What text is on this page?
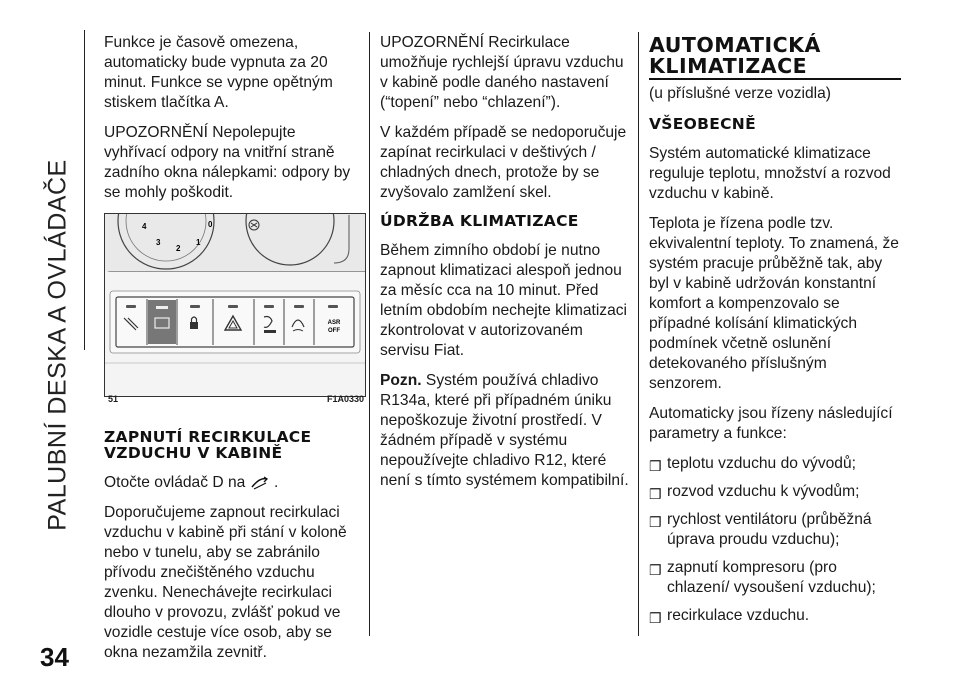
PALUBNÍ DESKA A OVLÁDAČE
34

Funkce je časově omezena, automaticky bude vypnuta za 20 minut. Funkce se vypne opětným stiskem tlačítka A.

UPOZORNĚNÍ Nepolepujte vyhřívací odpory na vnitřní straně zadního okna nálepkami: odpory by se mohly poškodit.

4
3
2
1
0
ASR
OFF
51	F1A0330
ZAPNUTÍ RECIRKULACE VZDUCHU V KABINĚ

Otočte ovládač D na .

Doporučujeme zapnout recirkulaci vzduchu v kabině při stání v koloně nebo v tunelu, aby se zabránilo přívodu znečištěného vzduchu zvenku. Nenechávejte recirkulaci dlouho v provozu, zvlášť pokud ve vozidle cestuje více osob, aby se okna nezamžila zevnitř.

UPOZORNĚNÍ Recirkulace umožňuje rychlejší úpravu vzduchu v kabině podle daného nastavení (“topení” nebo “chlazení”).

V každém případě se nedoporučuje zapínat recirkulaci v deštivých / chladných dnech, protože by se zvyšovalo zamlžení skel.

ÚDRŽBA KLIMATIZACE

Během zimního období je nutno zapnout klimatizaci alespoň jednou za měsíc cca na 10 minut. Před letním obdobím nechejte klimatizaci zkontrolovat v autorizovaném servisu Fiat.

Pozn. Systém používá chladivo R134a, které při případném úniku nepoškozuje životní prostředí. V žádném případě v systému nepoužívejte chladivo R12, které není s tímto systémem kompatibilní.

AUTOMATICKÁ KLIMATIZACE

(u příslušné verze vozidla)

VŠEOBECNĚ

Systém automatické klimatizace reguluje teplotu, množství a rozvod vzduchu v kabině.

Teplota je řízena podle tzv. ekvivalentní teploty. To znamená, že systém pracuje průběžně tak, aby byl v kabině udržován konstantní komfort a kompenzovalo se případné kolísání klimatických podmínek včetně oslunění detekovaného příslušným senzorem.

Automaticky jsou řízeny následující parametry a funkce:

❒ teplotu vzduchu do vývodů;

❒ rozvod vzduchu k vývodům;

❒ rychlost ventilátoru (průběžná úprava proudu vzduchu);

❒ zapnutí kompresoru (pro chlazení/ vysoušení vzduchu);

❒ recirkulace vzduchu.
